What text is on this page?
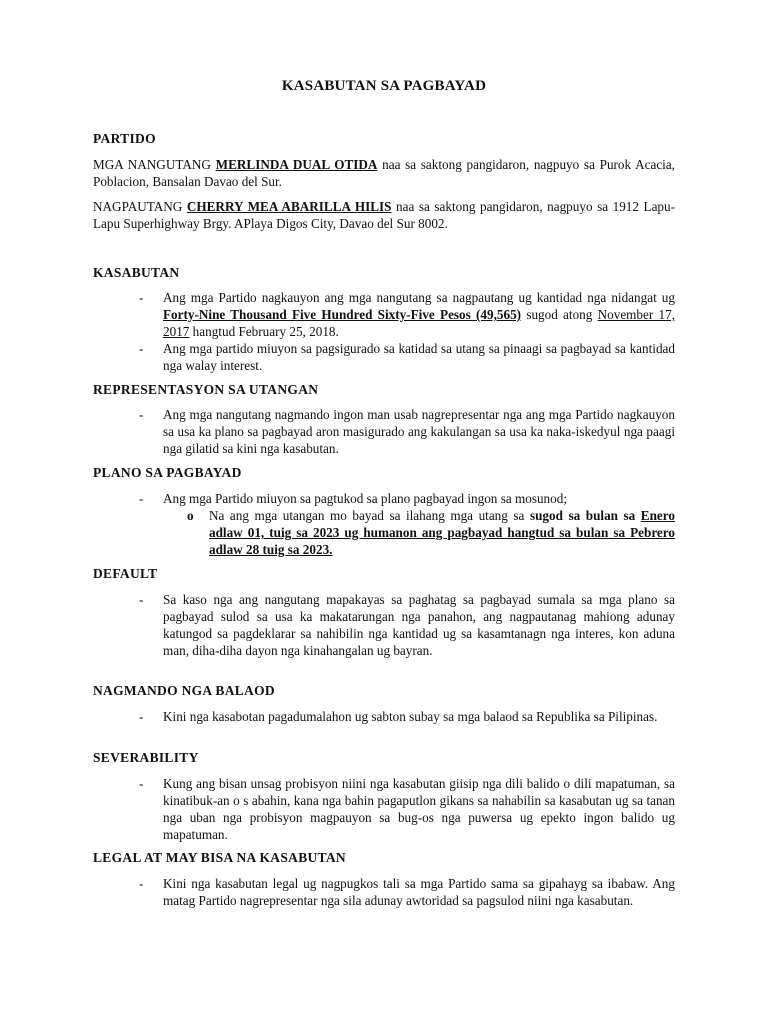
KASABUTAN SA PAGBAYAD
PARTIDO
MGA NANGUTANG MERLINDA DUAL OTIDA naa sa saktong pangidaron, nagpuyo sa Purok Acacia, Poblacion, Bansalan Davao del Sur.
NAGPAUTANG CHERRY MEA ABARILLA HILIS naa sa saktong pangidaron, nagpuyo sa 1912 Lapu-Lapu Superhighway Brgy. APlaya Digos City, Davao del Sur 8002.
KASABUTAN
- Ang mga Partido nagkauyon ang mga nangutang sa nagpautang ug kantidad nga nidangat ug Forty-Nine Thousand Five Hundred Sixty-Five Pesos (49,565) sugod atong November 17, 2017 hangtud February 25, 2018.
- Ang mga partido miuyon sa pagsigurado sa katidad sa utang sa pinaagi sa pagbayad sa kantidad nga walay interest.
REPRESENTASYON SA UTANGAN
- Ang mga nangutang nagmando ingon man usab nagrepresentar nga ang mga Partido nagkauyon sa usa ka plano sa pagbayad aron masigurado ang kakulangan sa usa ka naka-iskedyul nga paagi nga gilatid sa kini nga kasabutan.
PLANO SA PAGBAYAD
- Ang mga Partido miuyon sa pagtukod sa plano pagbayad ingon sa mosunod;
o Na ang mga utangan mo bayad sa ilahang mga utang sa sugod sa bulan sa Enero adlaw 01, tuig sa 2023 ug humanon ang pagbayad hangtud sa bulan sa Pebrero adlaw 28 tuig sa 2023.
DEFAULT
- Sa kaso nga ang nangutang mapakayas sa paghatag sa pagbayad sumala sa mga plano sa pagbayad sulod sa usa ka makatarungan nga panahon, ang nagpautanag mahiong adunay katungod sa pagdeklarar sa nahibilin nga kantidad ug sa kasamtanagn nga interes, kon aduna man, diha-diha dayon nga kinahangalan ug bayran.
NAGMANDO NGA BALAOD
- Kini nga kasabotan pagadumalahon ug sabton subay sa mga balaod sa Republika sa Pilipinas.
SEVERABILITY
- Kung ang bisan unsag probisyon niini nga kasabutan giisip nga dili balido o dili mapatuman, sa kinatibuk-an o s abahin, kana nga bahin pagaputlon gikans sa nahabilin sa kasabutan ug sa tanan nga uban nga probisyon magpauyon sa bug-os nga puwersa ug epekto ingon balido ug mapatuman.
LEGAL AT MAY BISA NA KASABUTAN
- Kini nga kasabutan legal ug nagpugkos tali sa mga Partido sama sa gipahayg sa ibabaw. Ang matag Partido nagrepresentar nga sila adunay awtoridad sa pagsulod niini nga kasabutan.
